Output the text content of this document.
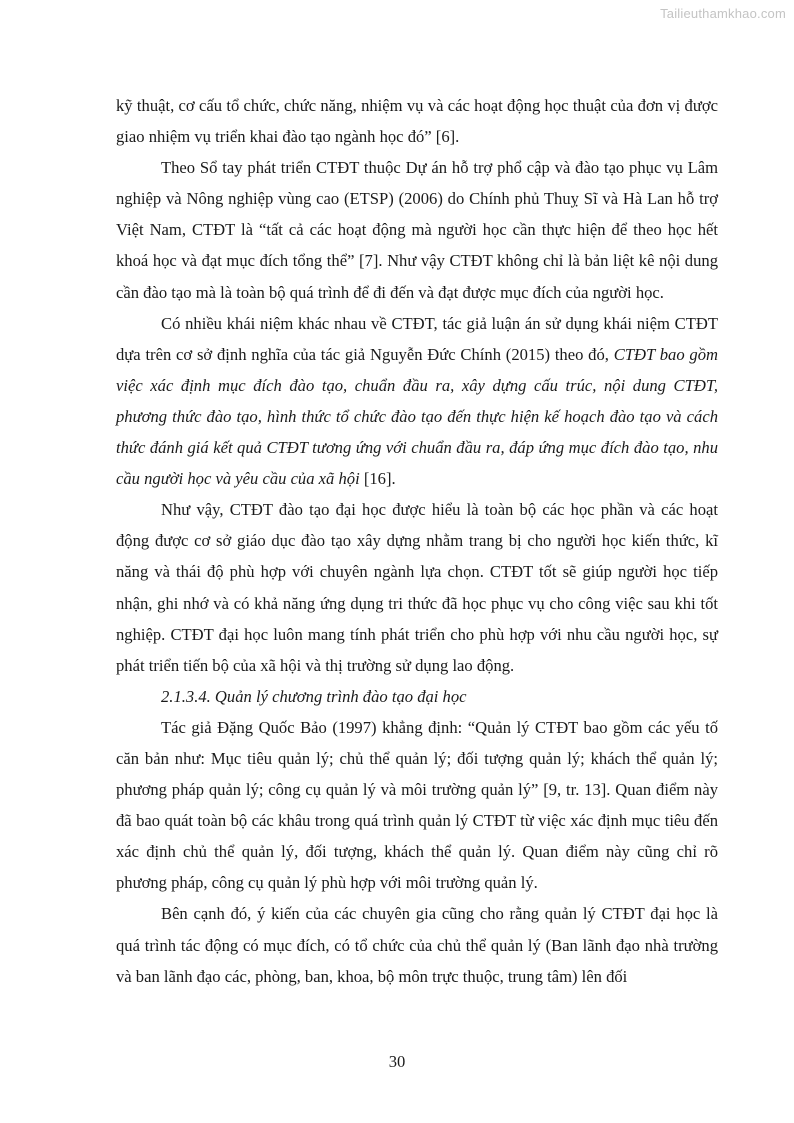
Tailieuthamkhao.com

kỹ thuật, cơ cấu tổ chức, chức năng, nhiệm vụ và các hoạt động học thuật của đơn vị được giao nhiệm vụ triển khai đào tạo ngành học đó” [6].

Theo Sổ tay phát triển CTĐT thuộc Dự án hỗ trợ phổ cập và đào tạo phục vụ Lâm nghiệp và Nông nghiệp vùng cao (ETSP) (2006) do Chính phủ Thuỵ Sĩ và Hà Lan hỗ trợ Việt Nam, CTĐT là “tất cả các hoạt động mà người học cần thực hiện để theo học hết khoá học và đạt mục đích tổng thể” [7]. Như vậy CTĐT không chỉ là bản liệt kê nội dung cần đào tạo mà là toàn bộ quá trình để đi đến và đạt được mục đích của người học.

Có nhiều khái niệm khác nhau về CTĐT, tác giả luận án sử dụng khái niệm CTĐT dựa trên cơ sở định nghĩa của tác giả Nguyễn Đức Chính (2015) theo đó, CTĐT bao gồm việc xác định mục đích đào tạo, chuẩn đầu ra, xây dựng cấu trúc, nội dung CTĐT, phương thức đào tạo, hình thức tổ chức đào tạo đến thực hiện kế hoạch đào tạo và cách thức đánh giá kết quả CTĐT tương ứng với chuẩn đầu ra, đáp ứng mục đích đào tạo, nhu cầu người học và yêu cầu của xã hội [16].

Như vậy, CTĐT đào tạo đại học được hiểu là toàn bộ các học phần và các hoạt động được cơ sở giáo dục đào tạo xây dựng nhằm trang bị cho người học kiến thức, kĩ năng và thái độ phù hợp với chuyên ngành lựa chọn. CTĐT tốt sẽ giúp người học tiếp nhận, ghi nhớ và có khả năng ứng dụng tri thức đã học phục vụ cho công việc sau khi tốt nghiệp. CTĐT đại học luôn mang tính phát triển cho phù hợp với nhu cầu người học, sự phát triển tiến bộ của xã hội và thị trường sử dụng lao động.

2.1.3.4. Quản lý chương trình đào tạo đại học

Tác giả Đặng Quốc Bảo (1997) khẳng định: “Quản lý CTĐT bao gồm các yếu tố căn bản như: Mục tiêu quản lý; chủ thể quản lý; đối tượng quản lý; khách thể quản lý; phương pháp quản lý; công cụ quản lý và môi trường quản lý” [9, tr. 13]. Quan điểm này đã bao quát toàn bộ các khâu trong quá trình quản lý CTĐT từ việc xác định mục tiêu đến xác định chủ thể quản lý, đối tượng, khách thể quản lý. Quan điểm này cũng chỉ rõ phương pháp, công cụ quản lý phù hợp với môi trường quản lý.

Bên cạnh đó, ý kiến của các chuyên gia cũng cho rằng quản lý CTĐT đại học là quá trình tác động có mục đích, có tổ chức của chủ thể quản lý (Ban lãnh đạo nhà trường và ban lãnh đạo các, phòng, ban, khoa, bộ môn trực thuộc, trung tâm) lên đối

30
